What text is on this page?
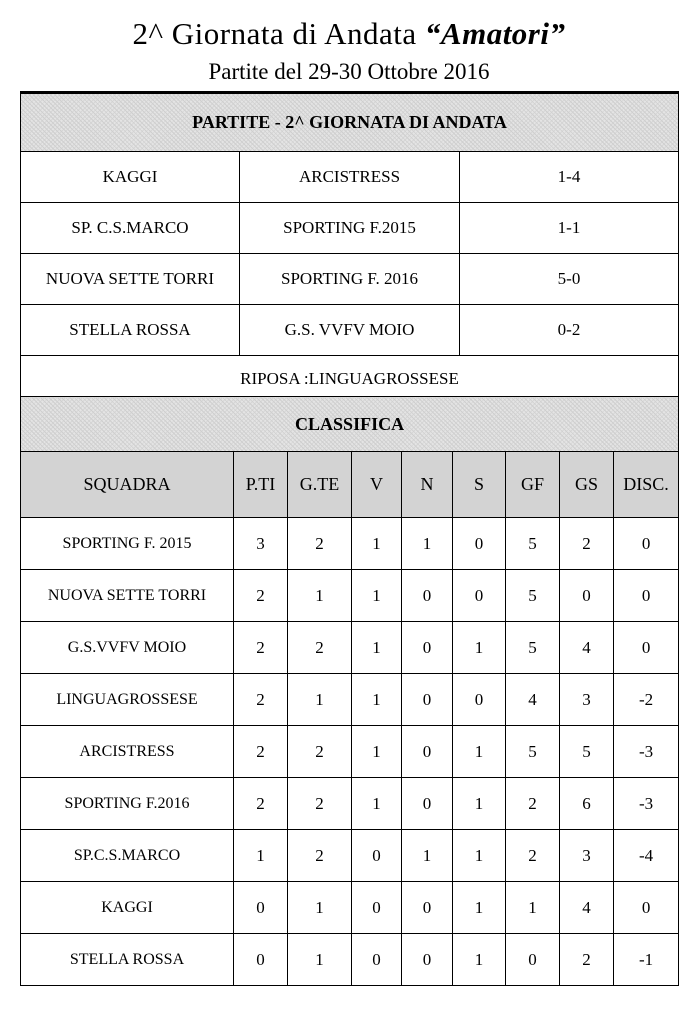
2^ Giornata di Andata “Amatori”
Partite del 29-30 Ottobre 2016
PARTITE - 2^ GIORNATA DI ANDATA		
KAGGI	ARCISTRESS	1-4
SP. C.S.MARCO	SPORTING F.2015	1-1
NUOVA SETTE TORRI	SPORTING F. 2016	5-0
STELLA ROSSA	G.S. VVFV MOIO	0-2
RIPOSA :LINGUAGROSSESE		
CLASSIFICA								
SQUADRA	P.TI	G.TE	V	N	S	GF	GS	DISC.
SPORTING F. 2015	3	2	1	1	0	5	2	0
NUOVA SETTE TORRI	2	1	1	0	0	5	0	0
G.S.VVFV MOIO	2	2	1	0	1	5	4	0
LINGUAGROSSESE	2	1	1	0	0	4	3	-2
ARCISTRESS	2	2	1	0	1	5	5	-3
SPORTING F.2016	2	2	1	0	1	2	6	-3
SP.C.S.MARCO	1	2	0	1	1	2	3	-4
KAGGI	0	1	0	0	1	1	4	0
STELLA ROSSA	0	1	0	0	1	0	2	-1
